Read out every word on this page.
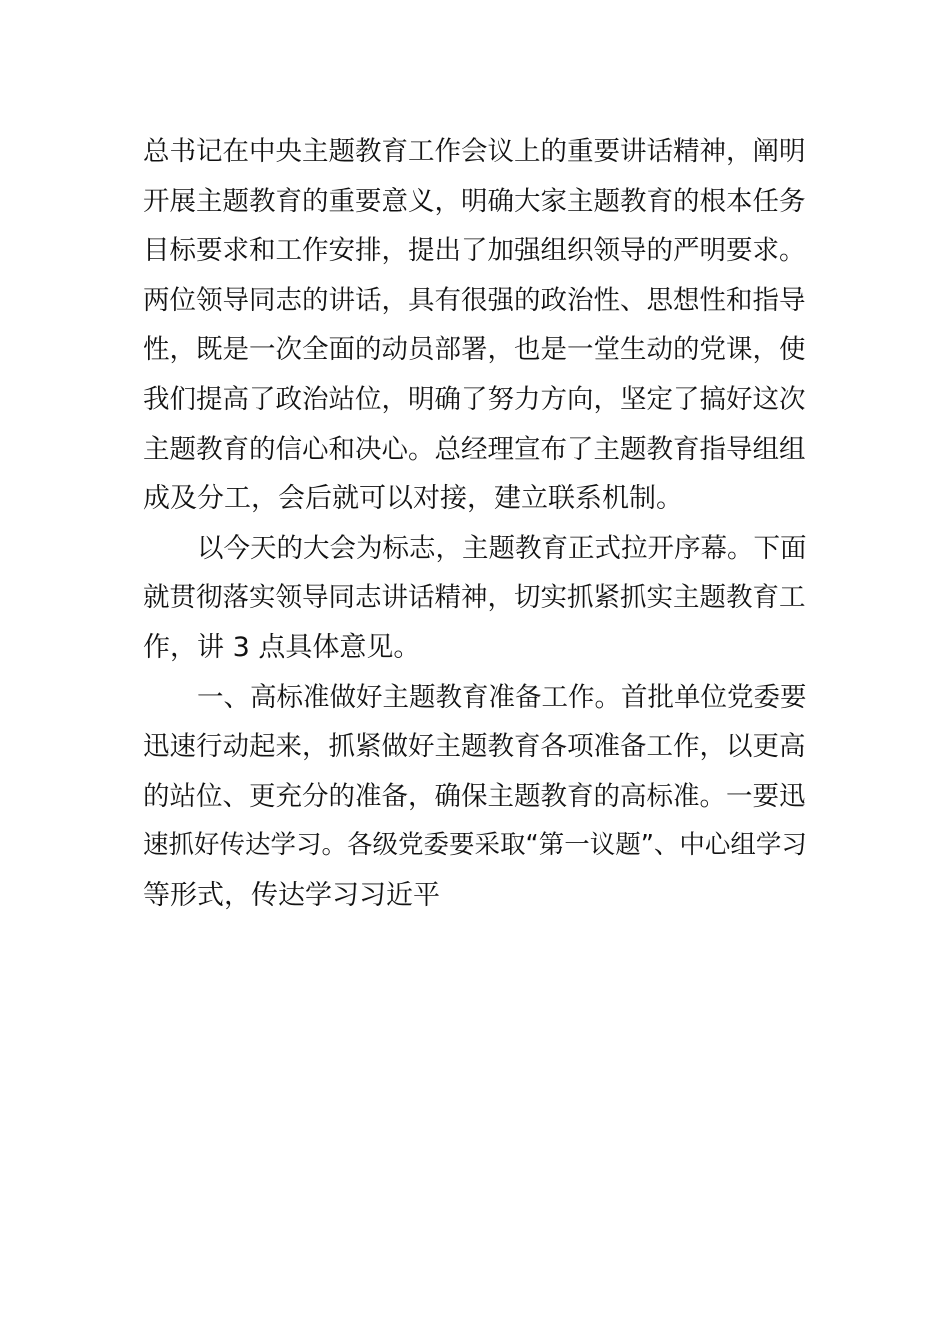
总书记在中央主题教育工作会议上的重要讲话精神，阐明
开展主题教育的重要意义，明确大家主题教育的根本任务
目标要求和工作安排，提出了加强组织领导的严明要求。
两位领导同志的讲话，具有很强的政治性、思想性和指导
性，既是一次全面的动员部署，也是一堂生动的党课，使
我们提高了政治站位，明确了努力方向，坚定了搞好这次
主题教育的信心和决心。总经理宣布了主题教育指导组组
成及分工，会后就可以对接，建立联系机制。
以今天的大会为标志，主题教育正式拉开序幕。下面
就贯彻落实领导同志讲话精神，切实抓紧抓实主题教育工
作，讲 3 点具体意见。
一、高标准做好主题教育准备工作。首批单位党委要
迅速行动起来，抓紧做好主题教育各项准备工作，以更高
的站位、更充分的准备，确保主题教育的高标准。一要迅
速抓好传达学习。各级党委要采取“第一议题”、中心组学习
等形式，传达学习习近平
